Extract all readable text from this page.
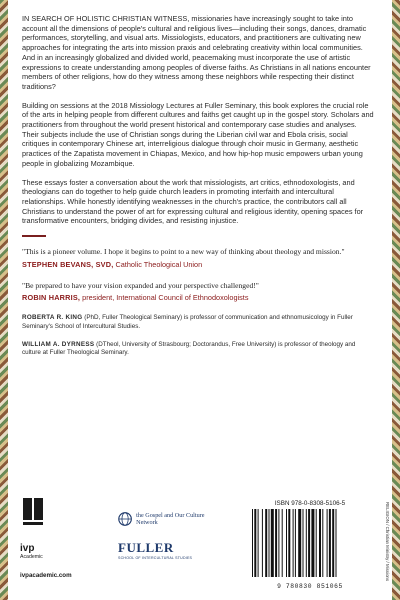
IN SEARCH OF HOLISTIC CHRISTIAN WITNESS, missionaries have increasingly sought to take into account all the dimensions of people's cultural and religious lives—including their songs, dances, dramatic performances, storytelling, and visual arts. Missiologists, educators, and practitioners are cultivating new approaches for integrating the arts into mission praxis and celebrating creativity within local communities. And in an increasingly globalized and divided world, peacemaking must incorporate the use of artistic expressions to create understanding among peoples of diverse faiths. As Christians in all nations encounter members of other religions, how do they witness among these neighbors while respecting their distinct traditions?

Building on sessions at the 2018 Missiology Lectures at Fuller Seminary, this book explores the crucial role of the arts in helping people from different cultures and faiths get caught up in the gospel story. Scholars and practitioners from throughout the world present historical and contemporary case studies and analyses. Their subjects include the use of Christian songs during the Liberian civil war and Ebola crisis, social critiques in contemporary Chinese art, interreligious dialogue through choir music in Germany, aesthetic practices of the Zapatista movement in Chiapas, Mexico, and how hip-hop music empowers urban young people in globalizing Mozambique.

These essays foster a conversation about the work that missiologists, art critics, ethnodoxologists, and theologians can do together to help guide church leaders in promoting interfaith and intercultural relationships. While honestly identifying weaknesses in the church's practice, the contributors call all Christians to understand the power of art for expressing cultural and religious identity, opening spaces for transformative encounters, bridging divides, and resisting injustice.

"This is a pioneer volume. I hope it begins to point to a new way of thinking about theology and mission."

STEPHEN BEVANS, SVD, Catholic Theological Union

"Be prepared to have your vision expanded and your perspective challenged!"

ROBIN HARRIS, president, International Council of Ethnodoxologists

ROBERTA R. KING (PhD, Fuller Theological Seminary) is professor of communication and ethnomusicology in Fuller Seminary's School of Intercultural Studies.

WILLIAM A. DYRNESS (DTheol, University of Strasbourg; Doctorandus, Free University) is professor of theology and culture at Fuller Theological Seminary.

ivp
Academic
ivpacademic.com
the Gospel and Our Culture Network
FULLER
SCHOOL OF INTERCULTURAL STUDIES
ISBN 978-0-8308-5106-5
9 780830 851065
RELIGION / Christian Ministry / Missions
